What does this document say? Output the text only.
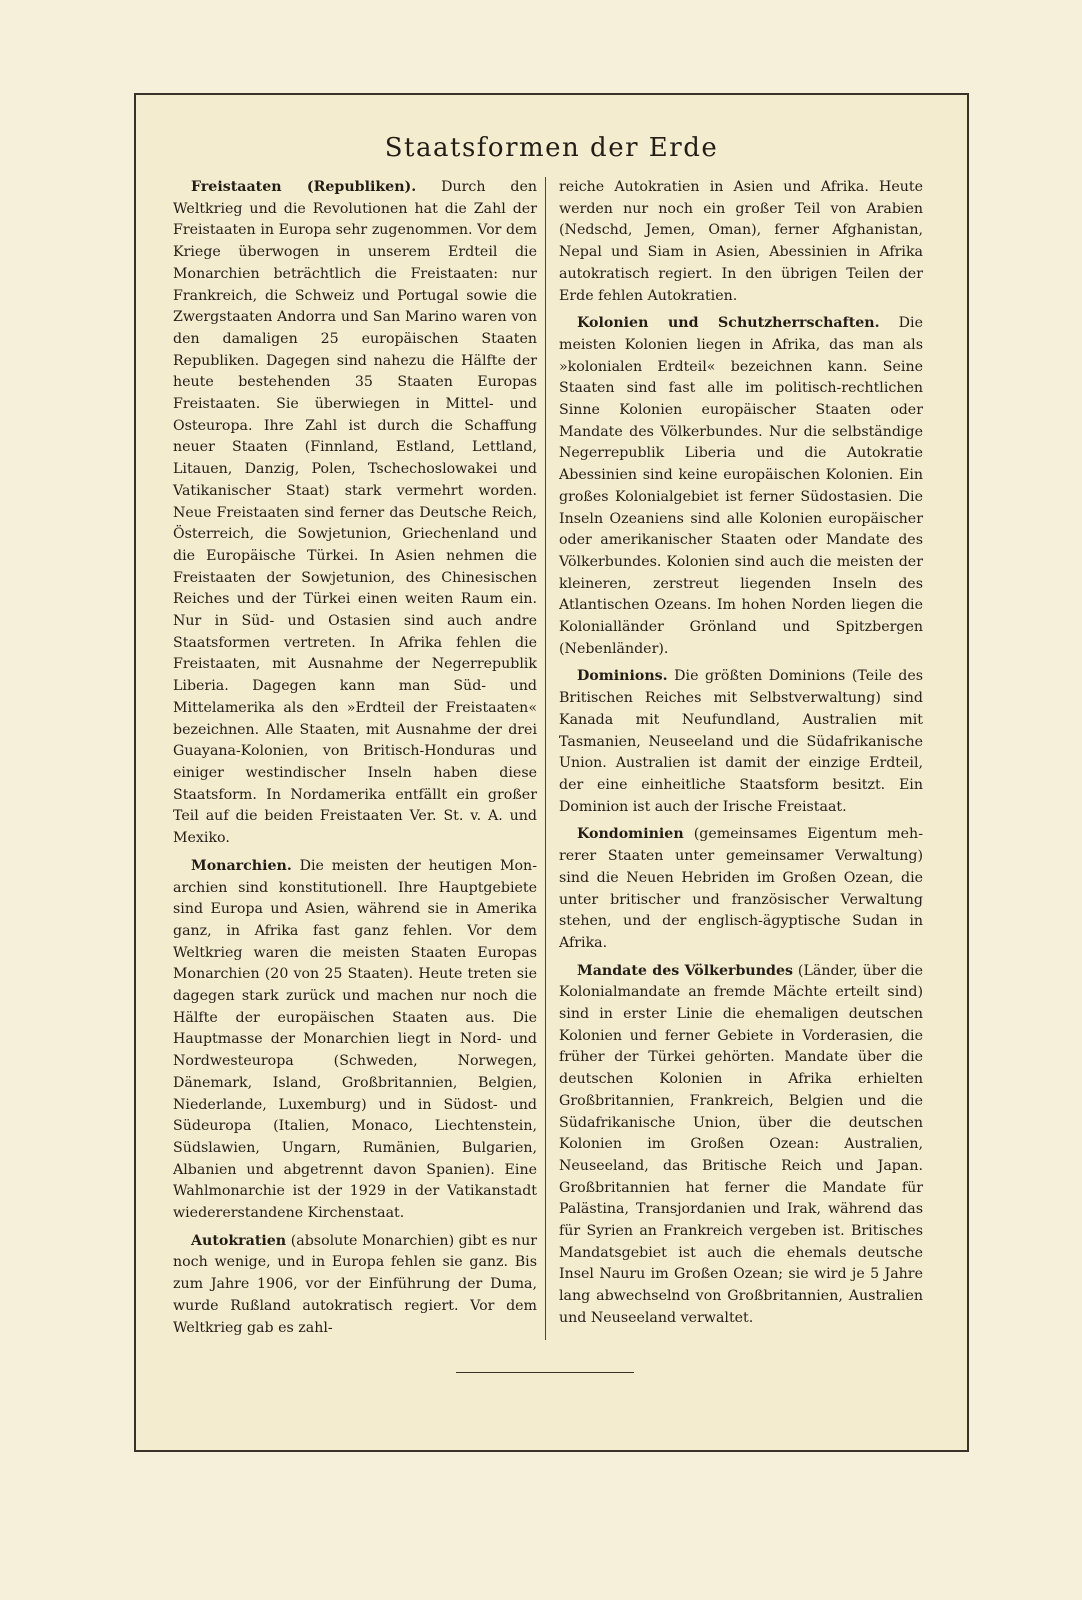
Staatsformen der Erde

Freistaaten (Republiken). Durch den Weltkrieg und die Revolutionen hat die Zahl der Freistaaten in Europa sehr zugenommen. Vor dem Kriege überwogen in unserem Erdteil die Monarchien beträchtlich die Freistaaten: nur Frankreich, die Schweiz und Portugal sowie die Zwergstaaten Andorra und San Marino waren von den damaligen 25 europäischen Staaten Republiken. Dagegen sind nahezu die Hälfte der heute bestehenden 35 Staaten Europas Freistaaten. Sie überwiegen in Mittel- und Osteuropa. Ihre Zahl ist durch die Schaffung neuer Staaten (Finnland, Estland, Lettland, Litauen, Danzig, Polen, Tschechoslowakei und Vatikanischer Staat) stark vermehrt worden. Neue Freistaaten sind ferner das Deutsche Reich, Österreich, die Sowjetunion, Griechenland und die Europäische Türkei. In Asien nehmen die Freistaaten der Sowjetunion, des Chinesischen Reiches und der Türkei einen weiten Raum ein. Nur in Süd- und Ostasien sind auch andre Staatsformen vertreten. In Afrika fehlen die Freistaaten, mit Ausnahme der Negerrepublik Liberia. Dagegen kann man Süd- und Mittelamerika als den »Erdteil der Freistaaten« bezeichnen. Alle Staaten, mit Ausnahme der drei Guayana-Kolonien, von Britisch-Honduras und einiger westindischer Inseln haben diese Staatsform. In Nordamerika entfällt ein großer Teil auf die beiden Freistaaten Ver. St. v. A. und Mexiko.

Monarchien. Die meisten der heutigen Monarchien sind konstitutionell. Ihre Hauptgebiete sind Europa und Asien, während sie in Amerika ganz, in Afrika fast ganz fehlen. Vor dem Weltkrieg waren die meisten Staaten Europas Monarchien (20 von 25 Staaten). Heute treten sie dagegen stark zurück und machen nur noch die Hälfte der europäischen Staaten aus. Die Hauptmasse der Monarchien liegt in Nord- und Nordwesteuropa (Schweden, Norwegen, Dänemark, Island, Großbritannien, Belgien, Niederlande, Luxemburg) und in Südost- und Südeuropa (Italien, Monaco, Liechtenstein, Südslawien, Ungarn, Rumänien, Bulgarien, Albanien und abgetrennt davon Spanien). Eine Wahlmonarchie ist der 1929 in der Vatikanstadt wiedererstandene Kirchenstaat.

Autokratien (absolute Monarchien) gibt es nur noch wenige, und in Europa fehlen sie ganz. Bis zum Jahre 1906, vor der Einführung der Duma, wurde Rußland autokratisch regiert. Vor dem Weltkrieg gab es zahl-

reiche Autokratien in Asien und Afrika. Heute werden nur noch ein großer Teil von Arabien (Nedschd, Jemen, Oman), ferner Afghanistan, Nepal und Siam in Asien, Abessinien in Afrika autokratisch regiert. In den übrigen Teilen der Erde fehlen Autokratien.

Kolonien und Schutzherrschaften. Die meisten Kolonien liegen in Afrika, das man als »kolonialen Erdteil« bezeichnen kann. Seine Staaten sind fast alle im politisch-rechtlichen Sinne Kolonien europäischer Staaten oder Mandate des Völkerbundes. Nur die selbständige Negerrepublik Liberia und die Autokratie Abessinien sind keine europäischen Kolonien. Ein großes Kolonialgebiet ist ferner Südostasien. Die Inseln Ozeaniens sind alle Kolonien europäischer oder amerikanischer Staaten oder Mandate des Völkerbundes. Kolonien sind auch die meisten der kleineren, zerstreut liegenden Inseln des Atlantischen Ozeans. Im hohen Norden liegen die Kolonialländer Grönland und Spitzbergen (Nebenländer).

Dominions. Die größten Dominions (Teile des Britischen Reiches mit Selbstverwaltung) sind Kanada mit Neufundland, Australien mit Tasmanien, Neuseeland und die Südafrikanische Union. Australien ist damit der einzige Erdteil, der eine einheitliche Staatsform besitzt. Ein Dominion ist auch der Irische Freistaat.

Kondominien (gemeinsames Eigentum mehrerer Staaten unter gemeinsamer Verwaltung) sind die Neuen Hebriden im Großen Ozean, die unter britischer und französischer Verwaltung stehen, und der englisch-ägyptische Sudan in Afrika.

Mandate des Völkerbundes (Länder, über die Kolonialmandate an fremde Mächte erteilt sind) sind in erster Linie die ehemaligen deutschen Kolonien und ferner Gebiete in Vorderasien, die früher der Türkei gehörten. Mandate über die deutschen Kolonien in Afrika erhielten Großbritannien, Frankreich, Belgien und die Südafrikanische Union, über die deutschen Kolonien im Großen Ozean: Australien, Neuseeland, das Britische Reich und Japan. Großbritannien hat ferner die Mandate für Palästina, Transjordanien und Irak, während das für Syrien an Frankreich vergeben ist. Britisches Mandatsgebiet ist auch die ehemals deutsche Insel Nauru im Großen Ozean; sie wird je 5 Jahre lang abwechselnd von Großbritannien, Australien und Neuseeland verwaltet.
